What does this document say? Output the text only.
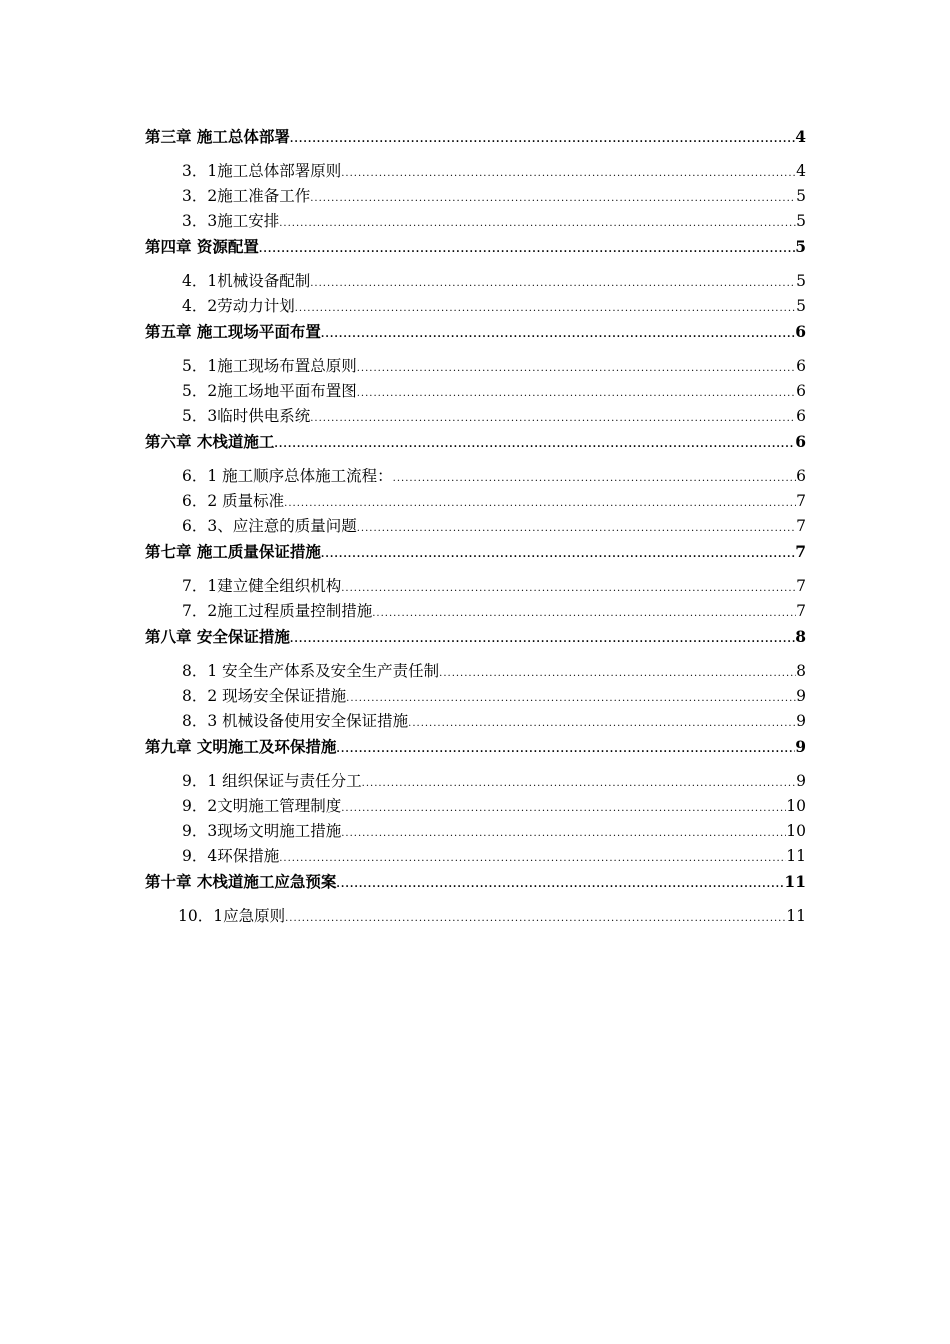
第三章 施工总体部署 .....	4
3．1施工总体部署原则 .....	4
3．2施工准备工作 .....	5
3．3施工安排 .....	5
第四章 资源配置 .....	5
4．1机械设备配制 .....	5
4．2劳动力计划 .....	5
第五章 施工现场平面布置 .....	6
5．1施工现场布置总原则 .....	6
5．2施工场地平面布置图 .....	6
5．3临时供电系统 .....	6
第六章 木栈道施工 .....	6
6．1 施工顺序总体施工流程： .....	6
6．2 质量标准 .....	7
6．3、应注意的质量问题 .....	7
第七章 施工质量保证措施 .....	7
7．1建立健全组织机构 .....	7
7．2施工过程质量控制措施 .....	7
第八章 安全保证措施 .....	8
8．1 安全生产体系及安全生产责任制 .....	8
8．2 现场安全保证措施 .....	9
8．3 机械设备使用安全保证措施 .....	9
第九章 文明施工及环保措施 .....	9
9．1 组织保证与责任分工 .....	9
9．2文明施工管理制度 .....	10
9．3现场文明施工措施 .....	10
9．4环保措施 .....	11
第十章 木栈道施工应急预案 .....	11
10．1应急原则 .....	11
